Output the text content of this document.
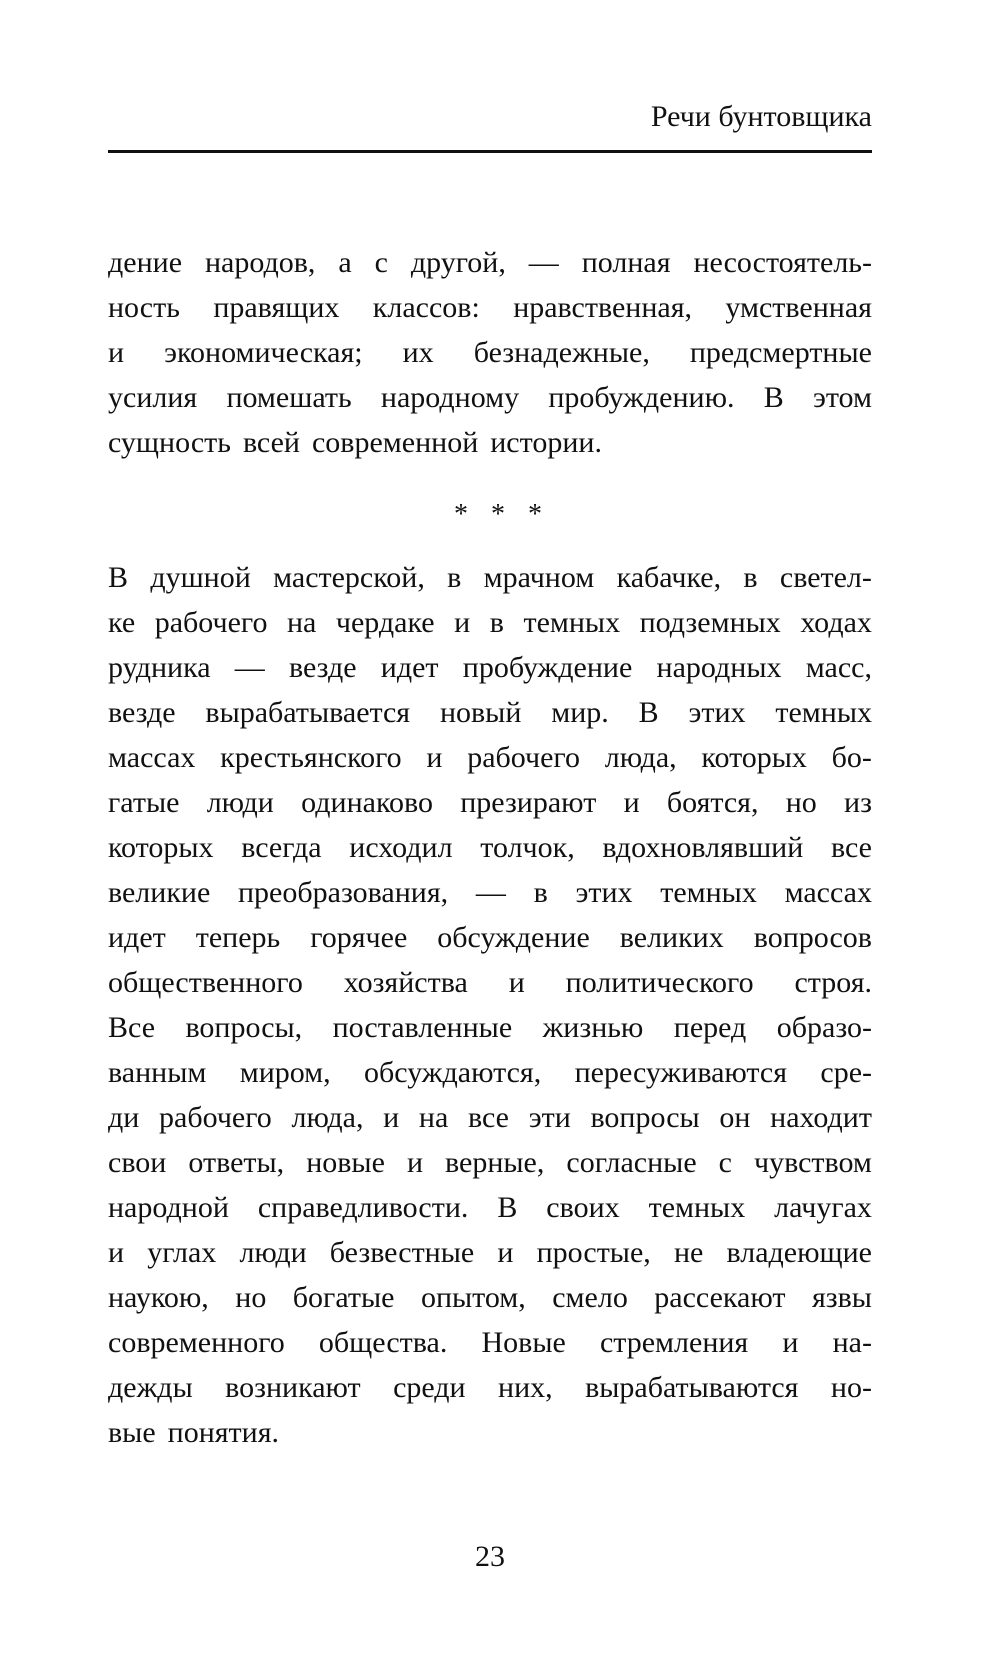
Речи бунтовщика
дение народов, а с другой, — полная несостоятель-
ность правящих классов: нравственная, умственная
и экономическая; их безнадежные, предсмертные
усилия помешать народному пробуждению. В этом
сущность всей современной истории.
* * *
В душной мастерской, в мрачном кабачке, в светел-
ке рабочего на чердаке и в темных подземных ходах
рудника — везде идет пробуждение народных масс,
везде вырабатывается новый мир. В этих темных
массах крестьянского и рабочего люда, которых бо-
гатые люди одинаково презирают и боятся, но из
которых всегда исходил толчок, вдохновлявший все
великие преобразования, — в этих темных массах
идет теперь горячее обсуждение великих вопросов
общественного хозяйства и политического строя.
Все вопросы, поставленные жизнью перед образо-
ванным миром, обсуждаются, пересуживаются сре-
ди рабочего люда, и на все эти вопросы он находит
свои ответы, новые и верные, согласные с чувством
народной справедливости. В своих темных лачугах
и углах люди безвестные и простые, не владеющие
наукою, но богатые опытом, смело рассекают язвы
современного общества. Новые стремления и на-
дежды возникают среди них, вырабатываются но-
вые понятия.
23
